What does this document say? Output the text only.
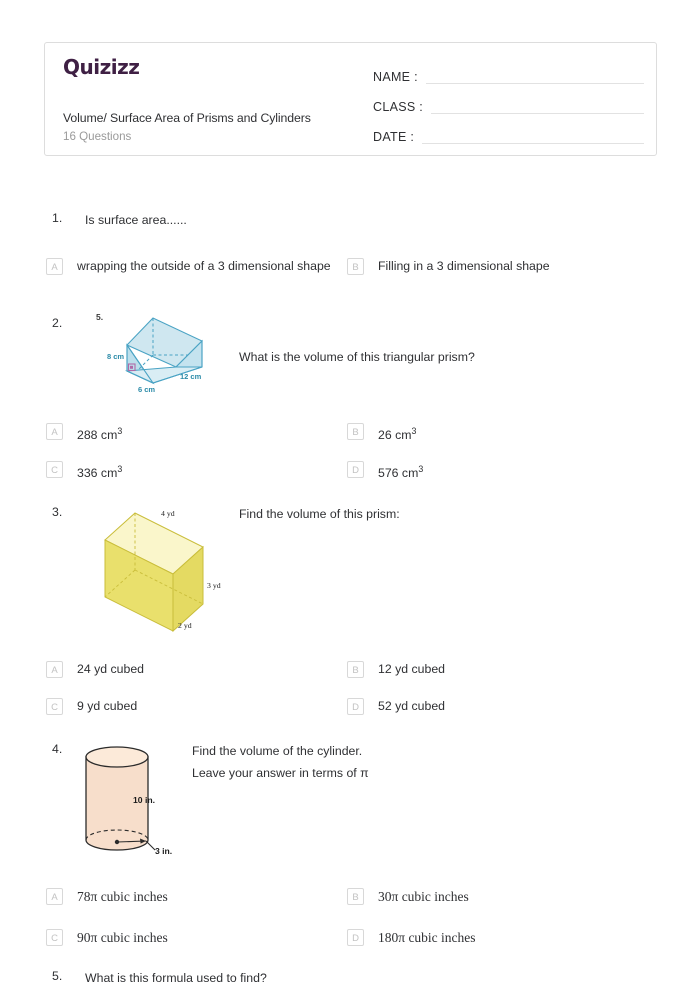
Quizizz
Volume/ Surface Area of Prisms and Cylinders
16 Questions
NAME :
CLASS :
DATE :
1. Is surface area......
A	wrapping the outside of a 3 dimensional shape	B	Filling in a 3 dimensional shape
2.
What is the volume of this triangular prism?
5.
8 cm
12 cm
6 cm
A	288 $cm^3$	B	26 $cm^3$
C	336 $cm^3$	D	576 $cm^3$
3.	Find the volume of this prism:
4 yd
3 yd
2 yd
A	24 yd cubed	B	12 yd cubed
C	9 yd cubed	D	52 yd cubed
4.	Find the volume of the cylinder.
Leave your answer in terms of π
10 in.
3 in.
A	78π cubic inches	B	30π cubic inches
C	90π cubic inches	D	180π cubic inches
5. What is this formula used to find?
